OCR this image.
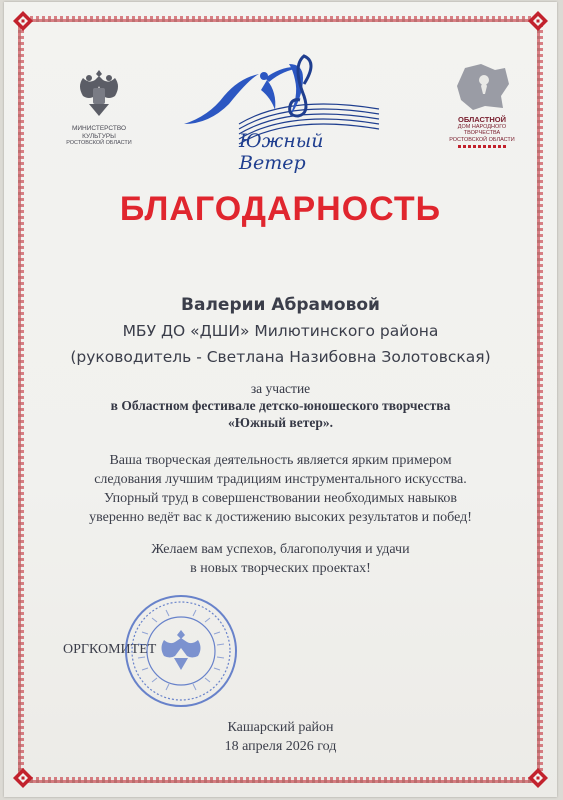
МИНИСТЕРСТВО
КУЛЬТУРЫ
РОСТОВСКОЙ ОБЛАСТИ	Южный Ветер
ОБЛАСТНОЙ
ДОМ НАРОДНОГО ТВОРЧЕСТВА
РОСТОВСКОЙ ОБЛАСТИ
БЛАГОДАРНОСТЬ
Валерии Абрамовой
МБУ ДО «ДШИ» Милютинского района
(руководитель - Светлана Назибовна Золотовская)
за участие
в Областном фестивале детско-юношеского творчества
«Южный ветер».
Ваша творческая деятельность является ярким примером
следования лучшим традициям инструментального искусства.
Упорный труд в совершенствовании необходимых навыков
уверенно ведёт вас к достижению высоких результатов и побед!
Желаем вам успехов, благополучия и удачи
в новых творческих проектах!
ОРГКОМИТЕТ
Кашарский район
18 апреля 2026 год
